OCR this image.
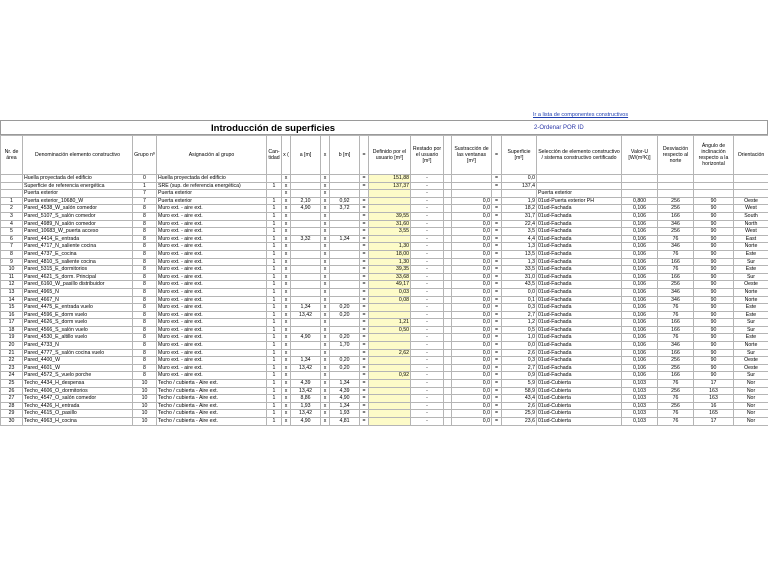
Ir a lista de componentes constructivos
Introducción de superficies	2-Ordenar POR ID
Nr. de área	Denominación elemento constructivo	Grupo nº	Asignación al grupo	Can-tidad	x (	a [m]	x	b [m]	=	Definido por el usuario [m²]	Restado por el usuario [m²]		Sustracción de las ventanas [m²]	=	Superficie [m²]	Selección de elemento constructivo / sistema constructivo certificado	Valor-U [W/(m²K)]	Desviación respecto al norte	Ángulo de inclinación respecto a la horizontal	Orientación
	Huella proyectada del edificio	0	Huella proyectada del edificio		x		x		=	151,88	-			=	0,0					
	Superficie de referencia energética	1	SRE (sup. de referencia energética)	1	x		x		=	137,37	-			=	137,4					
	Puerta exterior	7	Puerta exterior		x		x				-					Puerta exterior				
1	Puerta exterior_10680_W	7	Puerta exterior	1	x	2,10	x	0,92	=		-		0,0	=	1,9	01ud-Puerta exterior PH	0,800	256	90	Oeste
2	Pared_4538_W_salón comedor	8	Muro ext. - aire ext.	1	x	4,90	x	3,72	=		-		0,0	=	18,2	01ud-Fachada	0,106	256	90	West
3	Pared_5107_S_salón comedor	8	Muro ext. - aire ext.	1	x		x		=	39,55	-		0,0	=	31,7	01ud-Fachada	0,106	166	90	South
4	Pared_4989_N_salón comedor	8	Muro ext. - aire ext.	1	x		x		=	31,60	-		0,0	=	22,4	01ud-Fachada	0,106	346	90	North
5	Pared_10683_W_puerta acceso	8	Muro ext. - aire ext.	1	x		x		=	3,55	-		0,0	=	3,5	01ud-Fachada	0,106	256	90	West
6	Pared_4414_E_entrada	8	Muro ext. - aire ext.	1	x	3,32	x	1,34	=		-		0,0	=	4,4	01ud-Fachada	0,106	76	90	East
7	Pared_4717_N_saliente cocina	8	Muro ext. - aire ext.	1	x		x		=	1,30	-		0,0	=	1,3	01ud-Fachada	0,106	346	90	Norte
8	Pared_4737_E_cocina	8	Muro ext. - aire ext.	1	x		x		=	18,00	-		0,0	=	13,5	01ud-Fachada	0,106	76	90	Este
9	Pared_4810_S_saliente cocina	8	Muro ext. - aire ext.	1	x		x		=	1,30	-		0,0	=	1,3	01ud-Fachada	0,106	166	90	Sur
10	Pared_5315_E_dormitorios	8	Muro ext. - aire ext.	1	x		x		=	39,35	-		0,0	=	33,5	01ud-Fachada	0,106	76	90	Este
11	Pared_4621_S_dorm. Principal	8	Muro ext. - aire ext.	1	x		x		=	33,68	-		0,0	=	31,0	01ud-Fachada	0,106	166	90	Sur
12	Pared_6160_W_pasillo distribuidor	8	Muro ext. - aire ext.	1	x		x		=	49,17	-		0,0	=	43,5	01ud-Fachada	0,106	256	90	Oeste
13	Pared_4965_N	8	Muro ext. - aire ext.	1	x		x		=	0,03	-		0,0	=	0,0	01ud-Fachada	0,106	346	90	Norte
14	Pared_4667_N	8	Muro ext. - aire ext.	1	x		x		=	0,08	-		0,0	=	0,1	01ud-Fachada	0,106	346	90	Norte
15	Pared_4475_E_entrada vuelo	8	Muro ext. - aire ext.	1	x	1,34	x	0,20	=		-		0,0	=	0,3	01ud-Fachada	0,106	76	90	Este
16	Pared_4596_E_dorm vuelo	8	Muro ext. - aire ext.	1	x	13,42	x	0,20	=		-		0,0	=	2,7	01ud-Fachada	0,106	76	90	Este
17	Pared_4626_S_dorm vuelo	8	Muro ext. - aire ext.	1	x		x		=	1,21	-		0,0	=	1,2	01ud-Fachada	0,106	166	90	Sur
18	Pared_4566_S_salón vuelo	8	Muro ext. - aire ext.	1	x		x		=	0,50	-		0,0	=	0,5	01ud-Fachada	0,106	166	90	Sur
19	Pared_4530_E_altillo vuelo	8	Muro ext. - aire ext.	1	x	4,90	x	0,20	=		-		0,0	=	1,0	01ud-Fachada	0,106	76	90	Este
20	Pared_4733_N	8	Muro ext. - aire ext.	1	x		x	1,70	=		-		0,0	=	0,0	01ud-Fachada	0,106	346	90	Norte
21	Pared_4777_S_salón cocina vuelo	8	Muro ext. - aire ext.	1	x		x		=	2,62	-		0,0	=	2,6	01ud-Fachada	0,106	166	90	Sur
22	Pared_4400_W	8	Muro ext. - aire ext.	1	x	1,34	x	0,20	=		-		0,0	=	0,3	01ud-Fachada	0,106	256	90	Oeste
23	Pared_4601_W	8	Muro ext. - aire ext.	1	x	13,42	x	0,20	=		-		0,0	=	2,7	01ud-Fachada	0,106	256	90	Oeste
24	Pared_4572_S_vuelo porche	8	Muro ext. - aire ext.	1	x		x		=	0,92	-		0,0	=	0,9	01ud-Fachada	0,106	166	90	Sur
25	Techo_4434_H_despensa	10	Techo / cubierta - Aire ext.	1	x	4,39	x	1,34	=		-		0,0	=	5,9	01ud-Cubierta	0,103	76	17	Nor
26	Techo_4606_O_dormitorios	10	Techo / cubierta - Aire ext.	1	x	13,42	x	4,39	=		-		0,0	=	58,9	01ud-Cubierta	0,103	256	163	Nor
27	Techo_4547_O_salón comedor	10	Techo / cubierta - Aire ext.	1	x	8,86	x	4,90	=		-		0,0	=	43,4	01ud-Cubierta	0,103	76	163	Nor
28	Techo_4426_H_entrada	10	Techo / cubierta - Aire ext.	1	x	1,93	x	1,34	=		-		0,0	=	2,6	01ud-Cubierta	0,103	256	16	Nor
29	Techo_4615_O_pasillo	10	Techo / cubierta - Aire ext.	1	x	13,42	x	1,93	=		-		0,0	=	25,9	01ud-Cubierta	0,103	76	165	Nor
30	Techo_4963_H_cocina	10	Techo / cubierta - Aire ext.	1	x	4,90	x	4,81	=		-		0,0	=	23,6	01ud-Cubierta	0,103	76	17	Nor
